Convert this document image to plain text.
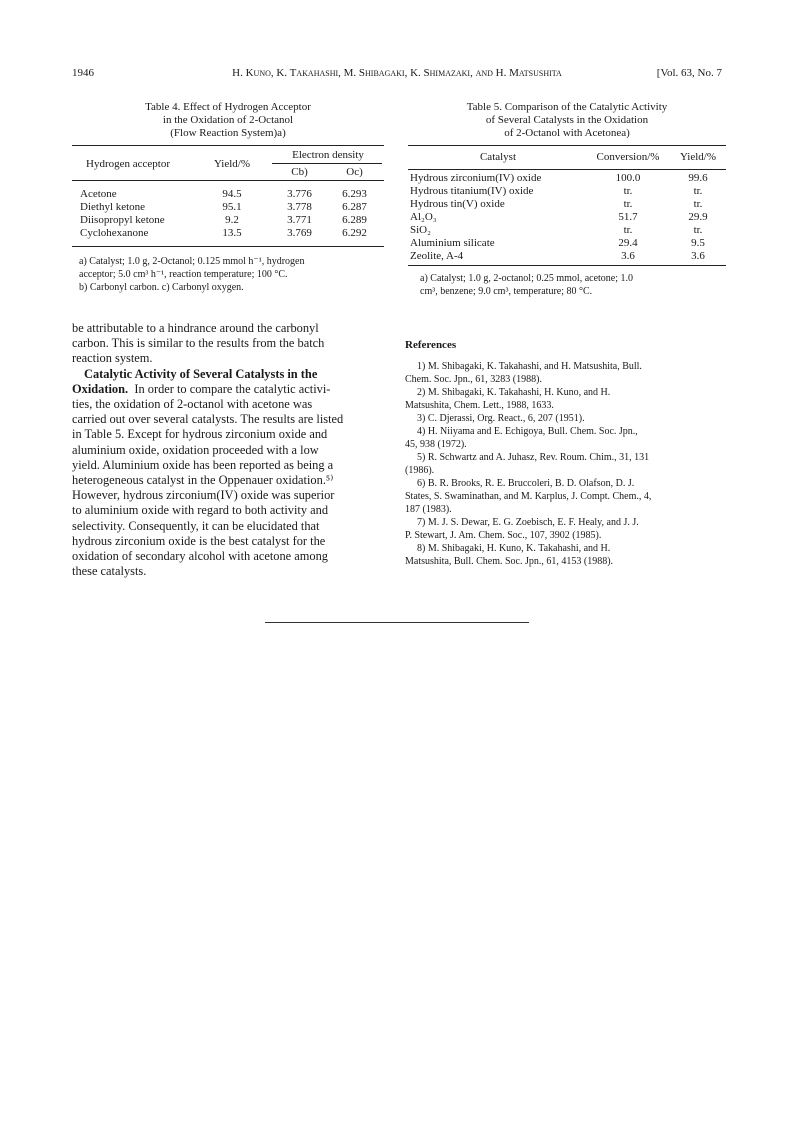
1946	H. Kuno, K. Takahashi, M. Shibagaki, K. Shimazaki, and H. Matsushita	[Vol. 63, No. 7
Table 4. Effect of Hydrogen Acceptor
in the Oxidation of 2-Octanol
(Flow Reaction System)a)
Hydrogen acceptor	Yield/%
Electron density
Cb)	Oc)
Acetone	94.5	3.776	6.293
Diethyl ketone	95.1	3.778	6.287
Diisopropyl ketone	9.2	3.771	6.289
Cyclohexanone	13.5	3.769	6.292
a) Catalyst; 1.0 g, 2-Octanol; 0.125 mmol h⁻¹, hydrogen
acceptor; 5.0 cm³ h⁻¹, reaction temperature; 100 °C.
b) Carbonyl carbon. c) Carbonyl oxygen.
Table 5. Comparison of the Catalytic Activity
of Several Catalysts in the Oxidation
of 2-Octanol with Acetonea)
Catalyst	Conversion/%	Yield/%
Hydrous zirconium(IV) oxide	100.0	99.6
Hydrous titanium(IV) oxide	tr.	tr.
Hydrous tin(V) oxide	tr.	tr.
Al₂O₃	51.7	29.9
SiO₂	tr.	tr.
Aluminium silicate	29.4	9.5
Zeolite, A-4	3.6	3.6
a) Catalyst; 1.0 g, 2-octanol; 0.25 mmol, acetone; 1.0
cm³, benzene; 9.0 cm³, temperature; 80 °C.
be attributable to a hindrance around the carbonyl
carbon. This is similar to the results from the batch
reaction system.
Catalytic Activity of Several Catalysts in the
Oxidation. In order to compare the catalytic activi-
ties, the oxidation of 2-octanol with acetone was
carried out over several catalysts. The results are listed
in Table 5. Except for hydrous zirconium oxide and
aluminium oxide, oxidation proceeded with a low
yield. Aluminium oxide has been reported as being a
heterogeneous catalyst in the Oppenauer oxidation.⁵⁾
However, hydrous zirconium(IV) oxide was superior
to aluminium oxide with regard to both activity and
selectivity. Consequently, it can be elucidated that
hydrous zirconium oxide is the best catalyst for the
oxidation of secondary alcohol with acetone among
these catalysts.
References
1) M. Shibagaki, K. Takahashi, and H. Matsushita, Bull.
Chem. Soc. Jpn., 61, 3283 (1988).
2) M. Shibagaki, K. Takahashi, H. Kuno, and H.
Matsushita, Chem. Lett., 1988, 1633.
3) C. Djerassi, Org. React., 6, 207 (1951).
4) H. Niiyama and E. Echigoya, Bull. Chem. Soc. Jpn.,
45, 938 (1972).
5) R. Schwartz and A. Juhasz, Rev. Roum. Chim., 31, 131
(1986).
6) B. R. Brooks, R. E. Bruccoleri, B. D. Olafson, D. J.
States, S. Swaminathan, and M. Karplus, J. Compt. Chem., 4,
187 (1983).
7) M. J. S. Dewar, E. G. Zoebisch, E. F. Healy, and J. J.
P. Stewart, J. Am. Chem. Soc., 107, 3902 (1985).
8) M. Shibagaki, H. Kuno, K. Takahashi, and H.
Matsushita, Bull. Chem. Soc. Jpn., 61, 4153 (1988).
